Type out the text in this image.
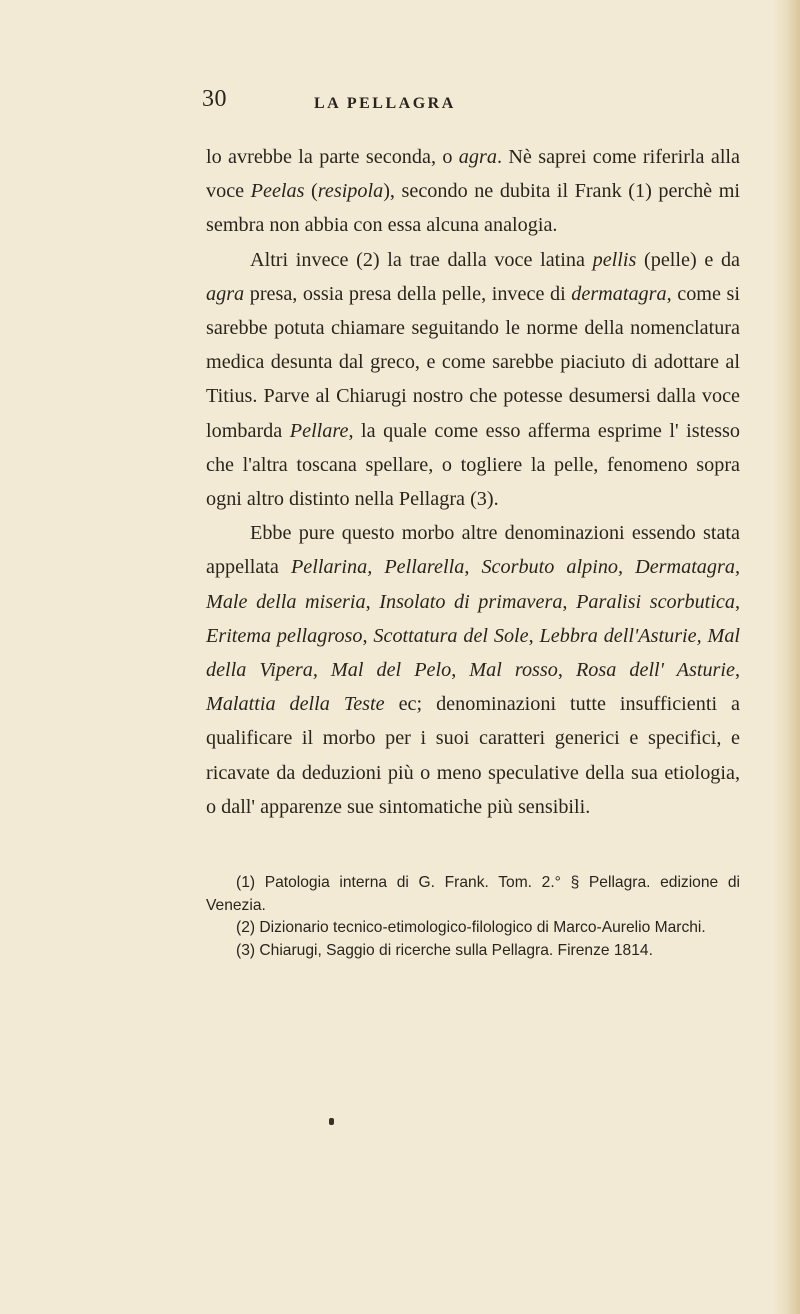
30	LA PELLAGRA

lo avrebbe la parte seconda, o agra. Nè saprei come riferirla alla voce Peelas (resipola), secondo ne dubita il Frank (1) perchè mi sembra non abbia con essa alcuna analogia.

Altri invece (2) la trae dalla voce latina pellis (pelle) e da agra presa, ossia presa della pelle, invece di dermatagra, come si sarebbe potuta chiamare seguitando le norme della nomenclatura medica desunta dal greco, e come sarebbe piaciuto di adottare al Titius. Parve al Chiarugi nostro che potesse desumersi dalla voce lombarda Pellare, la quale come esso afferma esprime l' istesso che l'altra toscana spellare, o togliere la pelle, fenomeno sopra ogni altro distinto nella Pellagra (3).

Ebbe pure questo morbo altre denominazioni essendo stata appellata Pellarina, Pellarella, Scorbuto alpino, Dermatagra, Male della miseria, Insolato di primavera, Paralisi scorbutica, Eritema pellagroso, Scottatura del Sole, Lebbra dell'Asturie, Mal della Vipera, Mal del Pelo, Mal rosso, Rosa dell' Asturie, Malattia della Teste ec; denominazioni tutte insufficienti a qualificare il morbo per i suoi caratteri generici e specifici, e ricavate da deduzioni più o meno speculative della sua etiologia, o dall' apparenze sue sintomatiche più sensibili.

(1) Patologia interna di G. Frank. Tom. 2.° § Pellagra. edizione di Venezia.

(2) Dizionario tecnico-etimologico-filologico di Marco-Aurelio Marchi.

(3) Chiarugi, Saggio di ricerche sulla Pellagra. Firenze 1814.
